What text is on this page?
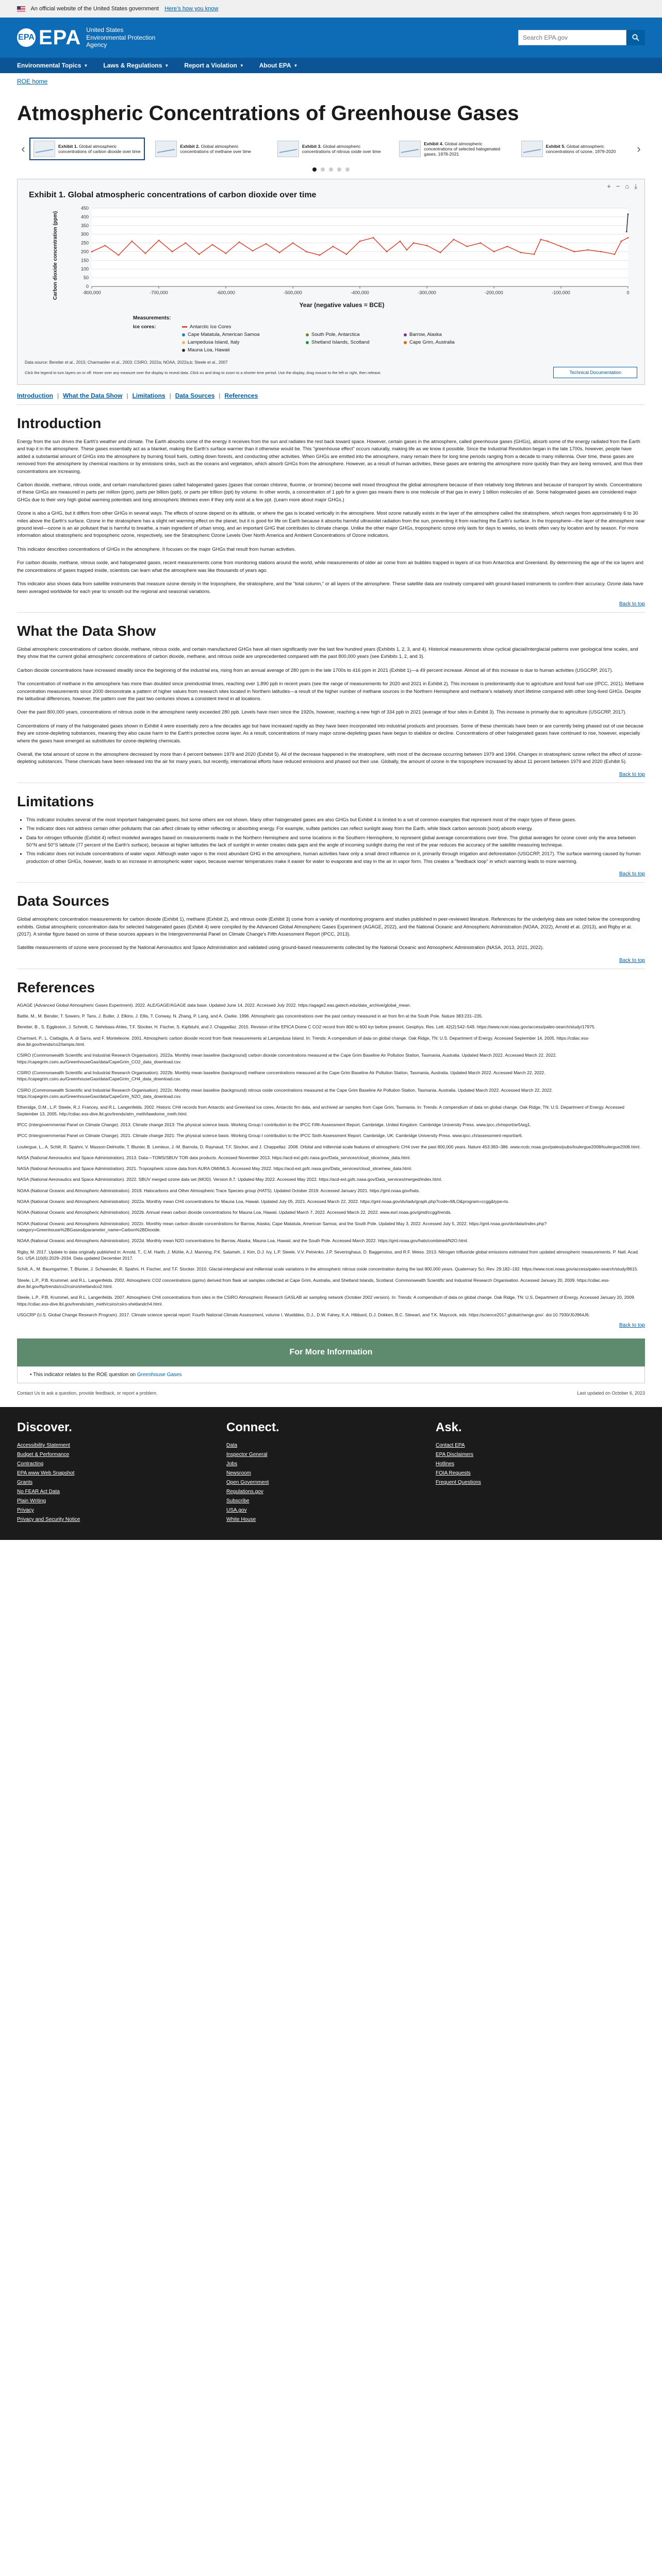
An official website of the United States government Here’s how you know
EPA EPA United States
Environmental Protection
Agency
Search EPA.gov
Environmental Topics ▼	Laws & Regulations ▼	Report a Violation ▼	About EPA ▼
ROE home
Atmospheric Concentrations of Greenhouse Gases
‹	Exhibit 1. Global atmospheric concentrations of carbon dioxide over time
Exhibit 2. Global atmospheric concentrations of methane over time
Exhibit 3. Global atmospheric concentrations of nitrous oxide over time
Exhibit 4. Global atmospheric concentrations of selected halogenated gases, 1978-2021
Exhibit 5. Global atmospheric concentrations of ozone, 1979-2020	›
+ − ⌂ ⤓
Exhibit 1. Global atmospheric concentrations of carbon dioxide over time
Carbon dioxide concentration (ppm)	0
50
100
150
200
250
300
350
400
450
-800,000	-700,000	-600,000	-500,000	-400,000	-300,000	-200,000	-100,000	0
Year (negative values = BCE)
Measurements:
Ice cores:	Antarctic Ice Cores
Cape Matatula, American Samoa	South Pole, Antarctica	Barrow, Alaska
Lampedusa Island, Italy	Shetland Islands, Scotland	Cape Grim, Australia
Mauna Loa, Hawaii
Data source: Bereiter et al., 2015; Charmantier et al., 2003; CSIRO, 2022a; NOAA, 2022a,b; Steele et al., 2007
Click the legend to turn layers on or off. Hover over any measure over the display to reveal data. Click on and drag to zoom to a shorter time period. Use the display, drag mouse to the left or right, then release.	Technical Documentation
Introduction | What the Data Show | Limitations | Data Sources | References
Introduction

Energy from the sun drives the Earth's weather and climate. The Earth absorbs some of the energy it receives from the sun and radiates the rest back toward space. However, certain gases in the atmosphere, called greenhouse gases (GHGs), absorb some of the energy radiated from the Earth and trap it in the atmosphere. These gases essentially act as a blanket, making the Earth's surface warmer than it otherwise would be. This "greenhouse effect" occurs naturally, making life as we know it possible. Since the Industrial Revolution began in the late 1700s, however, people have added a substantial amount of GHGs into the atmosphere by burning fossil fuels, cutting down forests, and conducting other activities. When GHGs are emitted into the atmosphere, many remain there for long time periods ranging from a decade to many millennia. Over time, these gases are removed from the atmosphere by chemical reactions or by emissions sinks, such as the oceans and vegetation, which absorb GHGs from the atmosphere. However, as a result of human activities, these gases are entering the atmosphere more quickly than they are being removed, and thus their concentrations are increasing.

Carbon dioxide, methane, nitrous oxide, and certain manufactured gases called halogenated gases (gases that contain chlorine, fluorine, or bromine) become well mixed throughout the global atmosphere because of their relatively long lifetimes and because of transport by winds. Concentrations of these GHGs are measured in parts per million (ppm), parts per billion (ppb), or parts per trillion (ppt) by volume. In other words, a concentration of 1 ppb for a given gas means there is one molecule of that gas in every 1 billion molecules of air. Some halogenated gases are considered major GHGs due to their very high global warming potentials and long atmospheric lifetimes even if they only exist at a few ppt. (Learn more about major GHGs.)

Ozone is also a GHG, but it differs from other GHGs in several ways. The effects of ozone depend on its altitude, or where the gas is located vertically in the atmosphere. Most ozone naturally exists in the layer of the atmosphere called the stratosphere, which ranges from approximately 6 to 30 miles above the Earth's surface. Ozone in the stratosphere has a slight net warming effect on the planet, but it is good for life on Earth because it absorbs harmful ultraviolet radiation from the sun, preventing it from reaching the Earth's surface. In the troposphere—the layer of the atmosphere near ground level—ozone is an air pollutant that is harmful to breathe, a main ingredient of urban smog, and an important GHG that contributes to climate change. Unlike the other major GHGs, tropospheric ozone only lasts for days to weeks, so levels often vary by location and by season. For more information about stratospheric and tropospheric ozone, respectively, see the Stratospheric Ozone Levels Over North America and Ambient Concentrations of Ozone indicators.

This indicator describes concentrations of GHGs in the atmosphere. It focuses on the major GHGs that result from human activities.

For carbon dioxide, methane, nitrous oxide, and halogenated gases, recent measurements come from monitoring stations around the world, while measurements of older air come from air bubbles trapped in layers of ice from Antarctica and Greenland. By determining the age of the ice layers and the concentrations of gases trapped inside, scientists can learn what the atmosphere was like thousands of years ago.

This indicator also shows data from satellite instruments that measure ozone density in the troposphere, the stratosphere, and the "total column," or all layers of the atmosphere. These satellite data are routinely compared with ground-based instruments to confirm their accuracy. Ozone data have been averaged worldwide for each year to smooth out the regional and seasonal variations.

Back to top
What the Data Show

Global atmospheric concentrations of carbon dioxide, methane, nitrous oxide, and certain manufactured GHGs have all risen significantly over the last few hundred years (Exhibits 1, 2, 3, and 4). Historical measurements show cyclical glacial/interglacial patterns over geological time scales, and they show that the current global atmospheric concentrations of carbon dioxide, methane, and nitrous oxide are unprecedented compared with the past 800,000 years (see Exhibits 1, 2, and 3).

Carbon dioxide concentrations have increased steadily since the beginning of the industrial era, rising from an annual average of 280 ppm in the late 1700s to 416 ppm in 2021 (Exhibit 1)—a 49 percent increase. Almost all of this increase is due to human activities (USGCRP, 2017).

The concentration of methane in the atmosphere has more than doubled since preindustrial times, reaching over 1,890 ppb in recent years (see the range of measurements for 2020 and 2021 in Exhibit 2). This increase is predominantly due to agriculture and fossil fuel use (IPCC, 2021). Methane concentration measurements since 2000 demonstrate a pattern of higher values from research sites located in Northern latitudes—a result of the higher number of methane sources in the Northern Hemisphere and methane's relatively short lifetime compared with other long-lived GHGs. Despite the latitudinal differences, however, the pattern over the past two centuries shows a consistent trend in all locations.

Over the past 800,000 years, concentrations of nitrous oxide in the atmosphere rarely exceeded 280 ppb. Levels have risen since the 1920s, however, reaching a new high of 334 ppb in 2021 (average of four sites in Exhibit 3). This increase is primarily due to agriculture (USGCRP, 2017).

Concentrations of many of the halogenated gases shown in Exhibit 4 were essentially zero a few decades ago but have increased rapidly as they have been incorporated into industrial products and processes. Some of these chemicals have been or are currently being phased out of use because they are ozone-depleting substances, meaning they also cause harm to the Earth's protective ozone layer. As a result, concentrations of many major ozone-depleting gases have begun to stabilize or decline. Concentrations of other halogenated gases have continued to rise, however, especially where the gases have emerged as substitutes for ozone-depleting chemicals.

Overall, the total amount of ozone in the atmosphere decreased by more than 4 percent between 1979 and 2020 (Exhibit 5). All of the decrease happened in the stratosphere, with most of the decrease occurring between 1979 and 1994. Changes in stratospheric ozone reflect the effect of ozone-depleting substances. These chemicals have been released into the air for many years, but recently, international efforts have reduced emissions and phased out their use. Globally, the amount of ozone in the troposphere increased by about 11 percent between 1979 and 2020 (Exhibit 5).

Back to top
Limitations
• This indicator includes several of the most important halogenated gases, but some others are not shown. Many other halogenated gases are also GHGs but Exhibit 4 is limited to a set of common examples that represent most of the major types of these gases.
• The indicator does not address certain other pollutants that can affect climate by either reflecting or absorbing energy. For example, sulfate particles can reflect sunlight away from the Earth, while black carbon aerosols (soot) absorb energy.
• Data for nitrogen trifluoride (Exhibit 4) reflect modeled averages based on measurements made in the Northern Hemisphere and some locations in the Southern Hemisphere, to represent global average concentrations over time. The global averages for ozone cover only the area between 50°N and 50°S latitude (77 percent of the Earth's surface), because at higher latitudes the lack of sunlight in winter creates data gaps and the angle of incoming sunlight during the rest of the year reduces the accuracy of the satellite measuring technique.
• This indicator does not include concentrations of water vapor. Although water vapor is the most abundant GHG in the atmosphere, human activities have only a small direct influence on it, primarily through irrigation and deforestation (USGCRP, 2017). The surface warming caused by human production of other GHGs, however, leads to an increase in atmospheric water vapor, because warmer temperatures make it easier for water to evaporate and stay in the air in vapor form. This creates a "feedback loop" in which warming leads to more warming.
Back to top
Data Sources

Global atmospheric concentration measurements for carbon dioxide (Exhibit 1), methane (Exhibit 2), and nitrous oxide (Exhibit 3) come from a variety of monitoring programs and studies published in peer-reviewed literature. References for the underlying data are noted below the corresponding exhibits. Global atmospheric concentration data for selected halogenated gases (Exhibit 4) were compiled by the Advanced Global Atmospheric Gases Experiment (AGAGE, 2022), and the National Oceanic and Atmospheric Administration (NOAA, 2022), Arnold et al. (2013), and Rigby et al. (2017). A similar figure based on some of these sources appears in the Intergovernmental Panel on Climate Change's Fifth Assessment Report (IPCC, 2013).

Satellite measurements of ozone were processed by the National Aeronautics and Space Administration and validated using ground-based measurements collected by the National Oceanic and Atmospheric Administration (NASA, 2013, 2021, 2022).

Back to top
References

AGAGE (Advanced Global Atmospheric Gases Experiment). 2022. ALE/GAGE/AGAGE data base. Updated June 14, 2022. Accessed July 2022. https://agage2.eas.gatech.edu/data_archive/global_mean.

Battle, M., M. Bender, T. Sowers, P. Tans, J. Butler, J. Elkins, J. Ellis, T. Conway, N. Zhang, P. Lang, and A. Clarke. 1996. Atmospheric gas concentrations over the past century measured in air from firn at the South Pole. Nature 383:231–235.

Bereiter, B., S. Eggleston, J. Schmitt, C. Nehrbass-Ahles, T.F. Stocker, H. Fischer, S. Kipfstuhl, and J. Chappellaz. 2015. Revision of the EPICA Dome C CO2 record from 800 to 600 kyr before present. Geophys. Res. Lett. 42(2):542–549. https://www.ncei.noaa.gov/access/paleo-search/study/17975.

Charmant, P., L. Ciattaglia, A. di Sarra, and F. Monteleone. 2001. Atmospheric carbon dioxide record from flask measurements at Lampedusa Island. In: Trends: A compendium of data on global change. Oak Ridge, TN: U.S. Department of Energy. Accessed September 14, 2005. https://cdiac.ess-dive.lbl.gov/trends/co2/lampis.html.

CSIRO (Commonwealth Scientific and Industrial Research Organisation). 2022a. Monthly mean baseline (background) carbon dioxide concentrations measured at the Cape Grim Baseline Air Pollution Station, Tasmania, Australia. Updated March 2022. Accessed March 22, 2022. https://capegrim.csiro.au/GreenhouseGas/data/CapeGrim_CO2_data_download.csv.

CSIRO (Commonwealth Scientific and Industrial Research Organisation). 2022b. Monthly mean baseline (background) methane concentrations measured at the Cape Grim Baseline Air Pollution Station, Tasmania, Australia. Updated March 2022. Accessed March 22, 2022. https://capegrim.csiro.au/GreenhouseGas/data/CapeGrim_CH4_data_download.csv.

CSIRO (Commonwealth Scientific and Industrial Research Organisation). 2022c. Monthly mean baseline (background) nitrous oxide concentrations measured at the Cape Grim Baseline Air Pollution Station, Tasmania, Australia. Updated March 2022. Accessed March 22, 2022. https://capegrim.csiro.au/GreenhouseGas/data/CapeGrim_N2O_data_download.csv.

Etheridge, D.M., L.P. Steele, R.J. Francey, and R.L. Langenfelds. 2002. Historic CH4 records from Antarctic and Greenland ice cores, Antarctic firn data, and archived air samples from Cape Grim, Tasmania. In: Trends: A compendium of data on global change. Oak Ridge, TN: U.S. Department of Energy. Accessed September 13, 2005. http://cdiac.ess-dive.lbl.gov/trends/atm_meth/lawdome_meth.html.

IPCC (Intergovernmental Panel on Climate Change). 2013. Climate change 2013: The physical science basis. Working Group I contribution to the IPCC Fifth Assessment Report. Cambridge, United Kingdom: Cambridge University Press. www.ipcc.ch/report/ar5/wg1.

IPCC (Intergovernmental Panel on Climate Change). 2021. Climate change 2021: The physical science basis. Working Group I contribution to the IPCC Sixth Assessment Report. Cambridge, UK: Cambridge University Press. www.ipcc.ch/assessment-report/ar6.

Loulergue, L., A. Schilt, R. Spahni, V. Masson-Delmotte, T. Blunier, B. Lemieux, J.-M. Barnola, D. Raynaud, T.F. Stocker, and J. Chappellaz. 2008. Orbital and millennial-scale features of atmospheric CH4 over the past 800,000 years. Nature 453:383–386. www.ncdc.noaa.gov/paleo/pubs/loulergue2008/loulergue2008.html.

NASA (National Aeronautics and Space Administration). 2013. Data—TOMS/SBUV TOR data products. Accessed November 2013. https://acd-ext.gsfc.nasa.gov/Data_services/cloud_slice/new_data.html.

NASA (National Aeronautics and Space Administration). 2021. Tropospheric ozone data from AURA OMI/MLS. Accessed May 2022. https://acd-ext.gsfc.nasa.gov/Data_services/cloud_slice/new_data.html.

NASA (National Aeronautics and Space Administration). 2022. SBUV merged ozone data set (MOD). Version 8.7. Updated May 2022. Accessed May 2022. https://acd-ext.gsfc.nasa.gov/Data_services/merged/index.html.

NOAA (National Oceanic and Atmospheric Administration). 2019. Halocarbons and Other Atmospheric Trace Species group (HATS). Updated October 2019. Accessed January 2021. https://gml.noaa.gov/hats.

NOAA (National Oceanic and Atmospheric Administration). 2022a. Monthly mean CH4 concentrations for Mauna Loa, Hawaii. Updated July 05, 2021. Accessed March 22, 2022. https://gml.noaa.gov/dv/iadv/graph.php?code=MLO&program=ccgg&type=ts.

NOAA (National Oceanic and Atmospheric Administration). 2022b. Annual mean carbon dioxide concentrations for Mauna Loa, Hawaii. Updated March 7, 2022. Accessed March 22, 2022. www.esrl.noaa.gov/gmd/ccgg/trends.

NOAA (National Oceanic and Atmospheric Administration). 2022c. Monthly mean carbon dioxide concentrations for Barrow, Alaska; Cape Matatula, American Samoa; and the South Pole. Updated May 3, 2022. Accessed July 5, 2022. https://gml.noaa.gov/dv/data/index.php?category=Greenhouse%2BGases&parameter_name=Carbon%2BDioxide.

NOAA (National Oceanic and Atmospheric Administration). 2022d. Monthly mean N2O concentrations for Barrow, Alaska; Mauna Loa, Hawaii; and the South Pole. Accessed March 2022. https://gml.noaa.gov/hats/combined/N2O.html.

Rigby, M. 2017. Update to data originally published in: Arnold, T., C.M. Harth, J. Mühle, A.J. Manning, P.K. Salameh, J. Kim, D.J. Ivy, L.P. Steele, V.V. Petrenko, J.P. Severinghaus, D. Baggenstos, and R.F. Weiss. 2013. Nitrogen trifluoride global emissions estimated from updated atmospheric measurements. P. Natl. Acad. Sci. USA 110(6):2029–2034. Data updated December 2017.

Schilt, A., M. Baumgartner, T. Blunier, J. Schwander, R. Spahni, H. Fischer, and T.F. Stocker. 2010. Glacial-interglacial and millennial scale variations in the atmospheric nitrous oxide concentration during the last 800,000 years. Quaternary Sci. Rev. 29:182–192. https://www.ncei.noaa.gov/access/paleo-search/study/8615.

Steele, L.P., P.B. Krummel, and R.L. Langenfelds. 2002. Atmospheric CO2 concentrations (ppmv) derived from flask air samples collected at Cape Grim, Australia, and Shetland Islands, Scotland. Commonwealth Scientific and Industrial Research Organisation. Accessed January 20, 2009. https://cdiac.ess-dive.lbl.gov/ftp/trends/co2/csiro/shetlandco2.html.

Steele, L.P., P.B. Krummel, and R.L. Langenfelds. 2007. Atmospheric CH4 concentrations from sites in the CSIRO Atmospheric Research GASLAB air sampling network (October 2002 version). In: Trends: A compendium of data on global change. Oak Ridge, TN: U.S. Department of Energy. Accessed January 20, 2009. https://cdiac.ess-dive.lbl.gov/trends/atm_meth/csiro/csiro-shetlandch4.html.

USGCRP (U.S. Global Change Research Program). 2017. Climate science special report: Fourth National Climate Assessment, volume I. Wuebbles, D.J., D.W. Fahey, K.A. Hibbard, D.J. Dokken, B.C. Stewart, and T.K. Maycock, eds. https://science2017.globalchange.gov/. doi:10.7930/J0J964J6.

Back to top
For More Information
• This indicator relates to the ROE question on Greenhouse Gases
Contact Us to ask a question, provide feedback, or report a problem.	Last updated on October 6, 2023
Discover.
Accessibility Statement
Budget & Performance
Contracting
EPA www Web Snapshot
Grants
No FEAR Act Data
Plain Writing
Privacy
Privacy and Security Notice
Connect.
Data
Inspector General
Jobs
Newsroom
Open Government
Regulations.gov
Subscribe
USA.gov
White House
Ask.
Contact EPA
EPA Disclaimers
Hotlines
FOIA Requests
Frequent Questions
